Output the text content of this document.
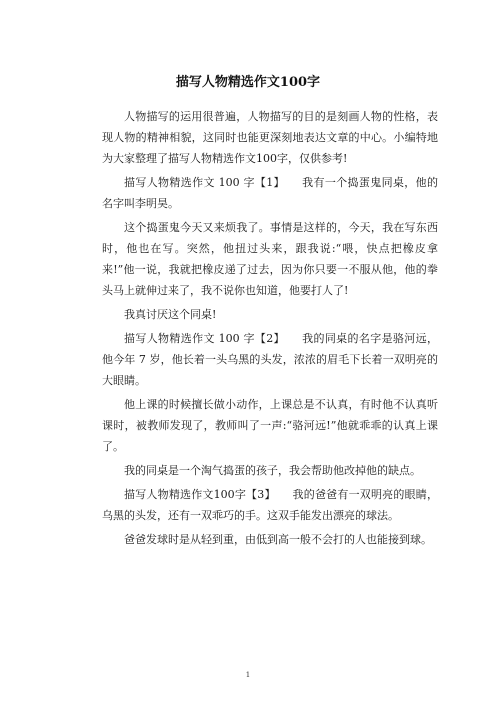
描写人物精选作文100字

人物描写的运用很普遍，人物描写的目的是刻画人物的性格，表现人物的精神相貌，这同时也能更深刻地表达文章的中心。小编特地为大家整理了描写人物精选作文100字，仅供参考!

描写人物精选作文 100 字【1】　　我有一个捣蛋鬼同桌，他的名字叫李明昊。

这个捣蛋鬼今天又来烦我了。事情是这样的，今天，我在写东西时，他也在写。突然，他扭过头来，跟我说:“喂，快点把橡皮拿来!”他一说，我就把橡皮递了过去，因为你只要一不服从他，他的拳头马上就伸过来了，我不说你也知道，他要打人了!

我真讨厌这个同桌!

描写人物精选作文 100 字【2】　　我的同桌的名字是骆河远，他今年 7 岁，他长着一头乌黑的头发，浓浓的眉毛下长着一双明亮的大眼睛。

他上课的时候擅长做小动作，上课总是不认真，有时他不认真听课时，被教师发现了，教师叫了一声:“骆河远!”他就乖乖的认真上课了。

我的同桌是一个淘气捣蛋的孩子，我会帮助他改掉他的缺点。

描写人物精选作文100字【3】　　我的爸爸有一双明亮的眼睛，乌黑的头发，还有一双乖巧的手。这双手能发出漂亮的球法。

爸爸发球时是从轻到重，由低到高一般不会打的人也能接到球。

1
